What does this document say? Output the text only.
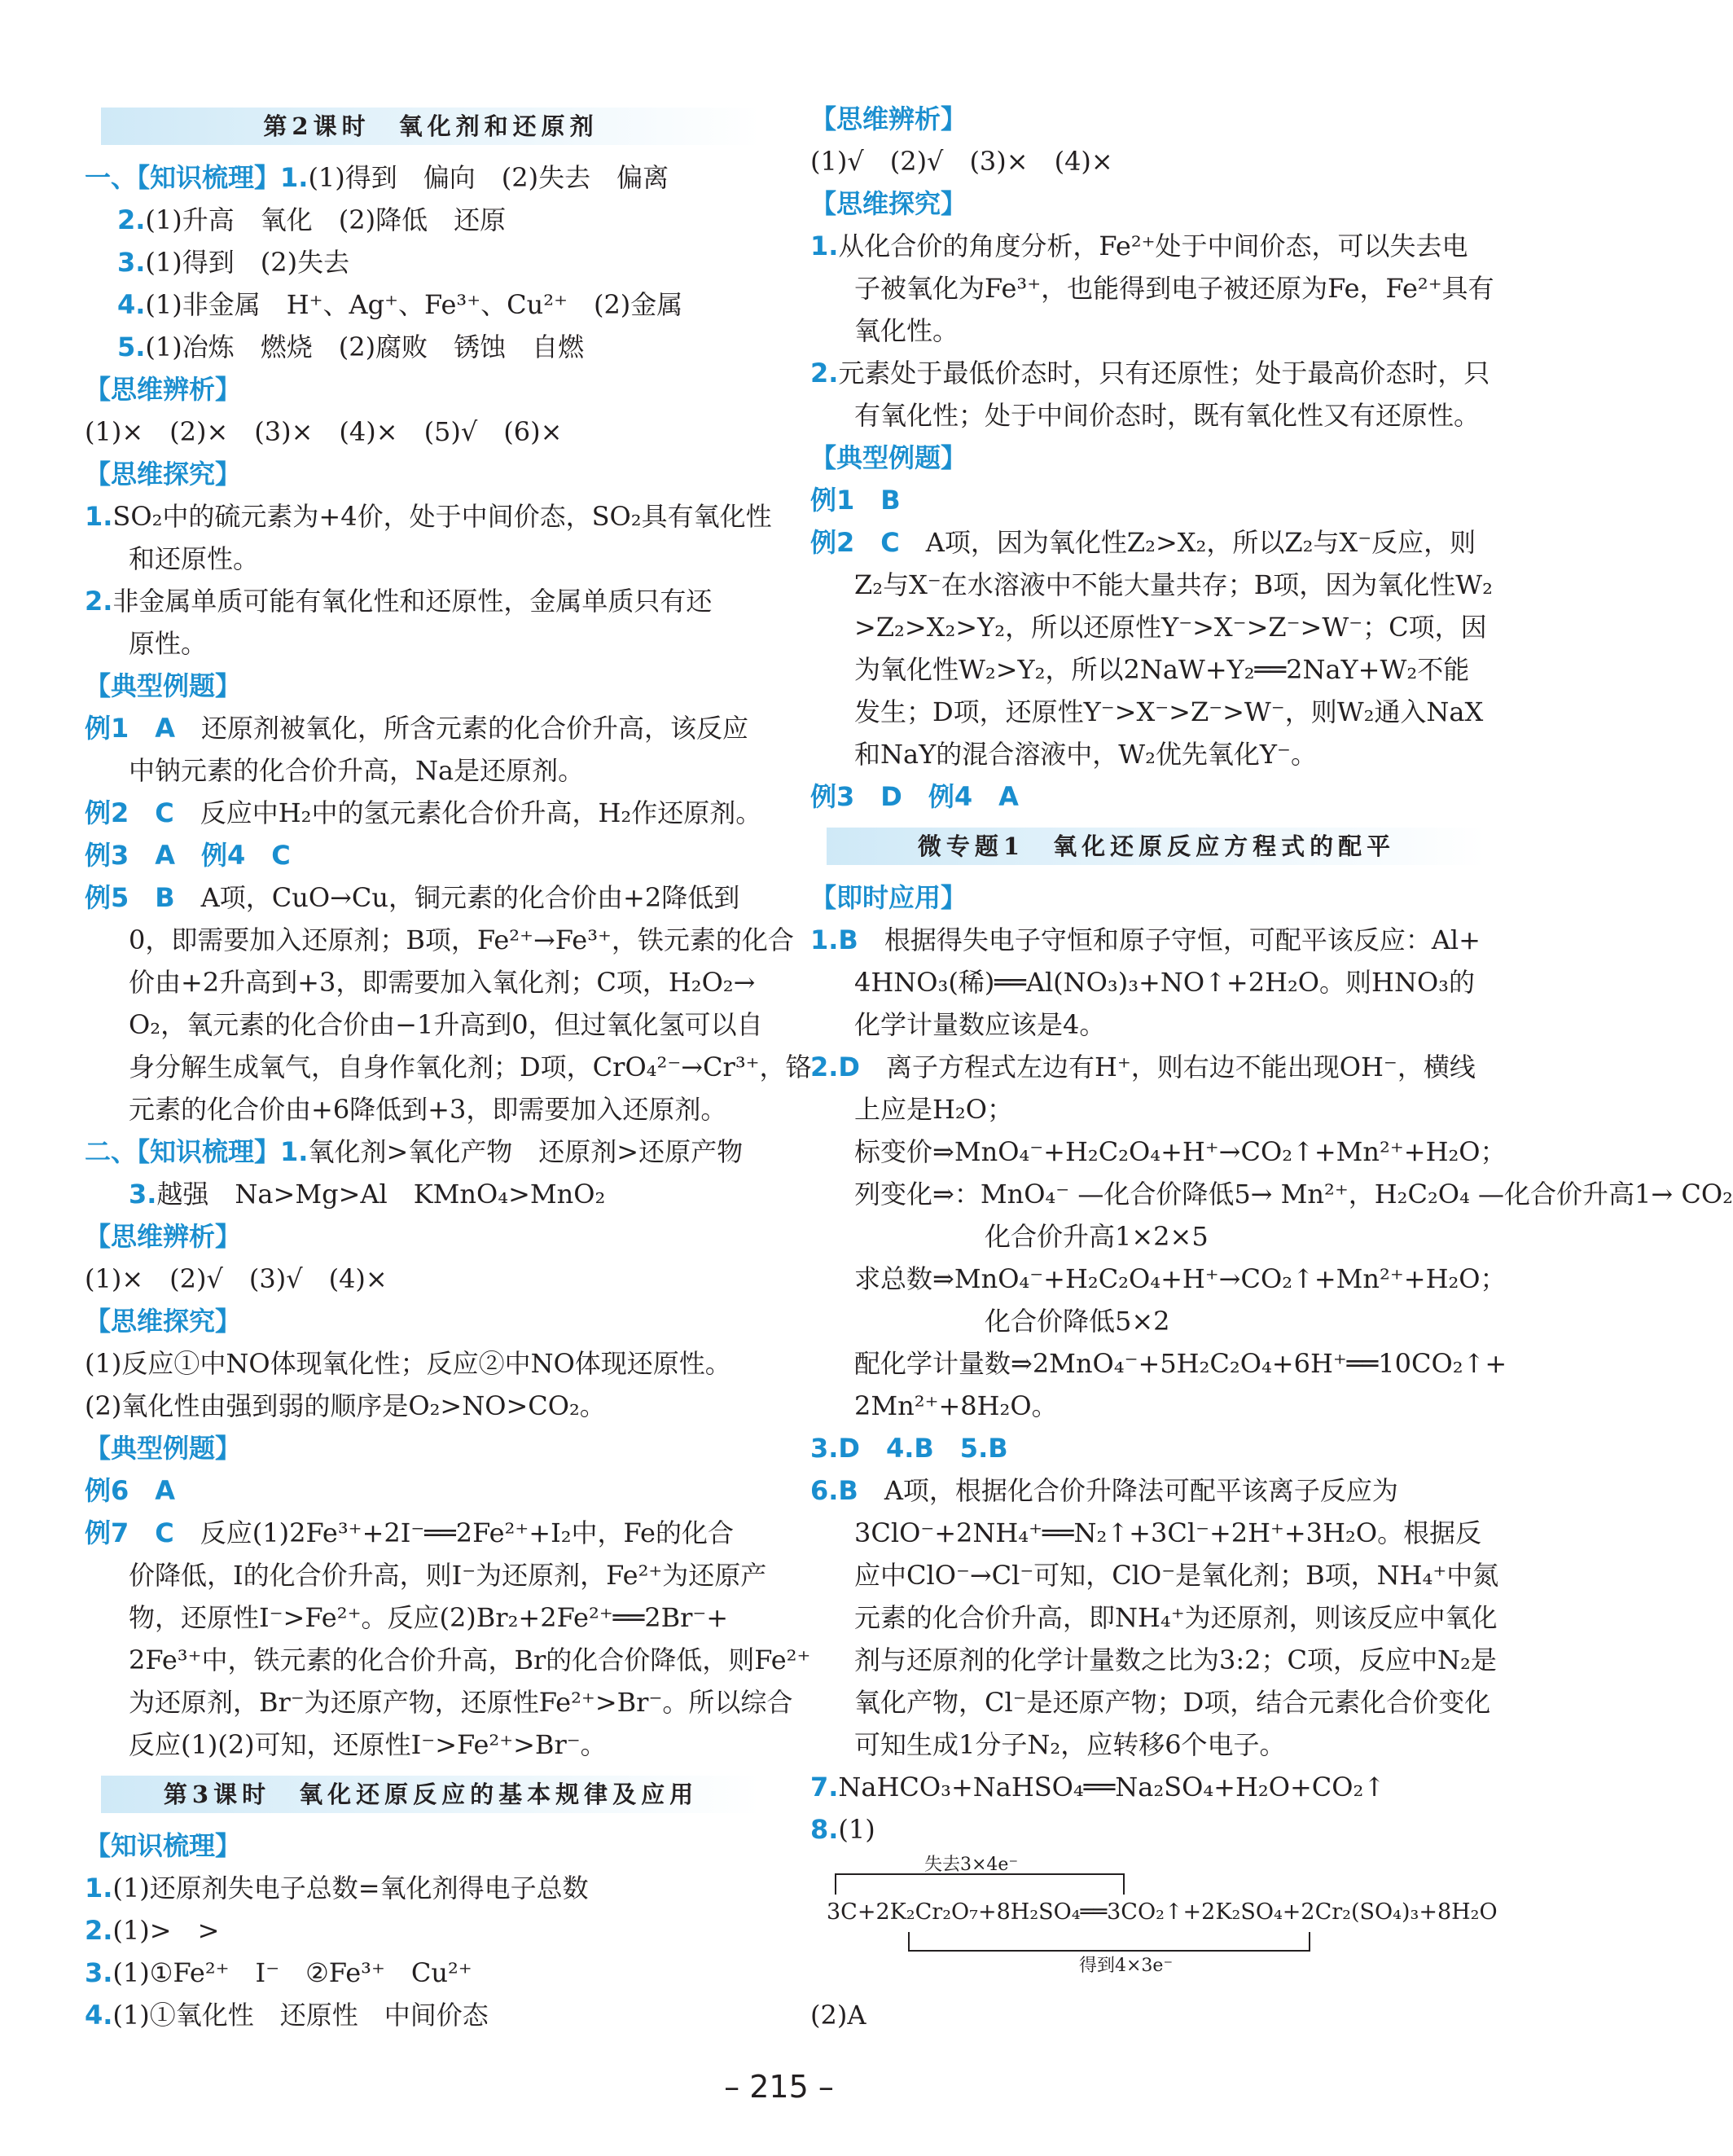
第2课时　氧化剂和还原剂
一、【知识梳理】1.(1)得到　偏向　(2)失去　偏离
2.(1)升高　氧化　(2)降低　还原
3.(1)得到　(2)失去
4.(1)非金属　H⁺、Ag⁺、Fe³⁺、Cu²⁺　(2)金属
5.(1)冶炼　燃烧　(2)腐败　锈蚀　自燃
【思维辨析】
(1)×　(2)×　(3)×　(4)×　(5)√　(6)×
【思维探究】
1.SO₂中的硫元素为+4价，处于中间价态，SO₂具有氧化性
和还原性。
2.非金属单质可能有氧化性和还原性，金属单质只有还
原性。
【典型例题】
例1　A　还原剂被氧化，所含元素的化合价升高，该反应
中钠元素的化合价升高，Na是还原剂。
例2　C　反应中H₂中的氢元素化合价升高，H₂作还原剂。
例3　A　例4　C
例5　B　A项，CuO→Cu，铜元素的化合价由+2降低到
0，即需要加入还原剂；B项，Fe²⁺→Fe³⁺，铁元素的化合
价由+2升高到+3，即需要加入氧化剂；C项，H₂O₂→
O₂，氧元素的化合价由−1升高到0，但过氧化氢可以自
身分解生成氧气，自身作氧化剂；D项，CrO₄²⁻→Cr³⁺，铬
元素的化合价由+6降低到+3，即需要加入还原剂。
二、【知识梳理】1.氧化剂>氧化产物　还原剂>还原产物
3.越强　Na>Mg>Al　KMnO₄>MnO₂
【思维辨析】
(1)×　(2)√　(3)√　(4)×
【思维探究】
(1)反应①中NO体现氧化性；反应②中NO体现还原性。
(2)氧化性由强到弱的顺序是O₂>NO>CO₂。
【典型例题】
例6　A
例7　C　反应(1)2Fe³⁺+2I⁻══2Fe²⁺+I₂中，Fe的化合
价降低，I的化合价升高，则I⁻为还原剂，Fe²⁺为还原产
物，还原性I⁻>Fe²⁺。反应(2)Br₂+2Fe²⁺══2Br⁻+
2Fe³⁺中，铁元素的化合价升高，Br的化合价降低，则Fe²⁺
为还原剂，Br⁻为还原产物，还原性Fe²⁺>Br⁻。所以综合
反应(1)(2)可知，还原性I⁻>Fe²⁺>Br⁻。
第3课时　氧化还原反应的基本规律及应用
【知识梳理】
1.(1)还原剂失电子总数=氧化剂得电子总数
2.(1)>　>
3.(1)①Fe²⁺　I⁻　②Fe³⁺　Cu²⁺
4.(1)①氧化性　还原性　中间价态
【思维辨析】
(1)√　(2)√　(3)×　(4)×
【思维探究】
1.从化合价的角度分析，Fe²⁺处于中间价态，可以失去电
子被氧化为Fe³⁺，也能得到电子被还原为Fe，Fe²⁺具有
氧化性。
2.元素处于最低价态时，只有还原性；处于最高价态时，只
有氧化性；处于中间价态时，既有氧化性又有还原性。
【典型例题】
例1　B
例2　C　A项，因为氧化性Z₂>X₂，所以Z₂与X⁻反应，则
Z₂与X⁻在水溶液中不能大量共存；B项，因为氧化性W₂
>Z₂>X₂>Y₂，所以还原性Y⁻>X⁻>Z⁻>W⁻；C项，因
为氧化性W₂>Y₂，所以2NaW+Y₂══2NaY+W₂不能
发生；D项，还原性Y⁻>X⁻>Z⁻>W⁻，则W₂通入NaX
和NaY的混合溶液中，W₂优先氧化Y⁻。
例3　D　例4　A
微专题1　氧化还原反应方程式的配平
【即时应用】
1.B　根据得失电子守恒和原子守恒，可配平该反应：Al+
4HNO₃(稀)══Al(NO₃)₃+NO↑+2H₂O。则HNO₃的
化学计量数应该是4。
2.D　离子方程式左边有H⁺，则右边不能出现OH⁻，横线
上应是H₂O；
标变价⇒MnO₄⁻+H₂C₂O₄+H⁺→CO₂↑+Mn²⁺+H₂O；
列变化⇒：MnO₄⁻ —化合价降低5→ Mn²⁺，H₂C₂O₄ —化合价升高1→ CO₂
　　　　　化合价升高1×2×5
求总数⇒MnO₄⁻+H₂C₂O₄+H⁺→CO₂↑+Mn²⁺+H₂O；
　　　　　化合价降低5×2
配化学计量数⇒2MnO₄⁻+5H₂C₂O₄+6H⁺══10CO₂↑+
2Mn²⁺+8H₂O。
3.D　4.B　5.B
6.B　A项，根据化合价升降法可配平该离子反应为
3ClO⁻+2NH₄⁺══N₂↑+3Cl⁻+2H⁺+3H₂O。根据反
应中ClO⁻→Cl⁻可知，ClO⁻是氧化剂；B项，NH₄⁺中氮
元素的化合价升高，即NH₄⁺为还原剂，则该反应中氧化
剂与还原剂的化学计量数之比为3:2；C项，反应中N₂是
氧化产物，Cl⁻是还原产物；D项，结合元素化合价变化
可知生成1分子N₂，应转移6个电子。
7.NaHCO₃+NaHSO₄══Na₂SO₄+H₂O+CO₂↑
8.(1)
失去3×4e⁻
3C+2K₂Cr₂O₇+8H₂SO₄══3CO₂↑+2K₂SO₄+2Cr₂(SO₄)₃+8H₂O
得到4×3e⁻
(2)A
– 215 –
